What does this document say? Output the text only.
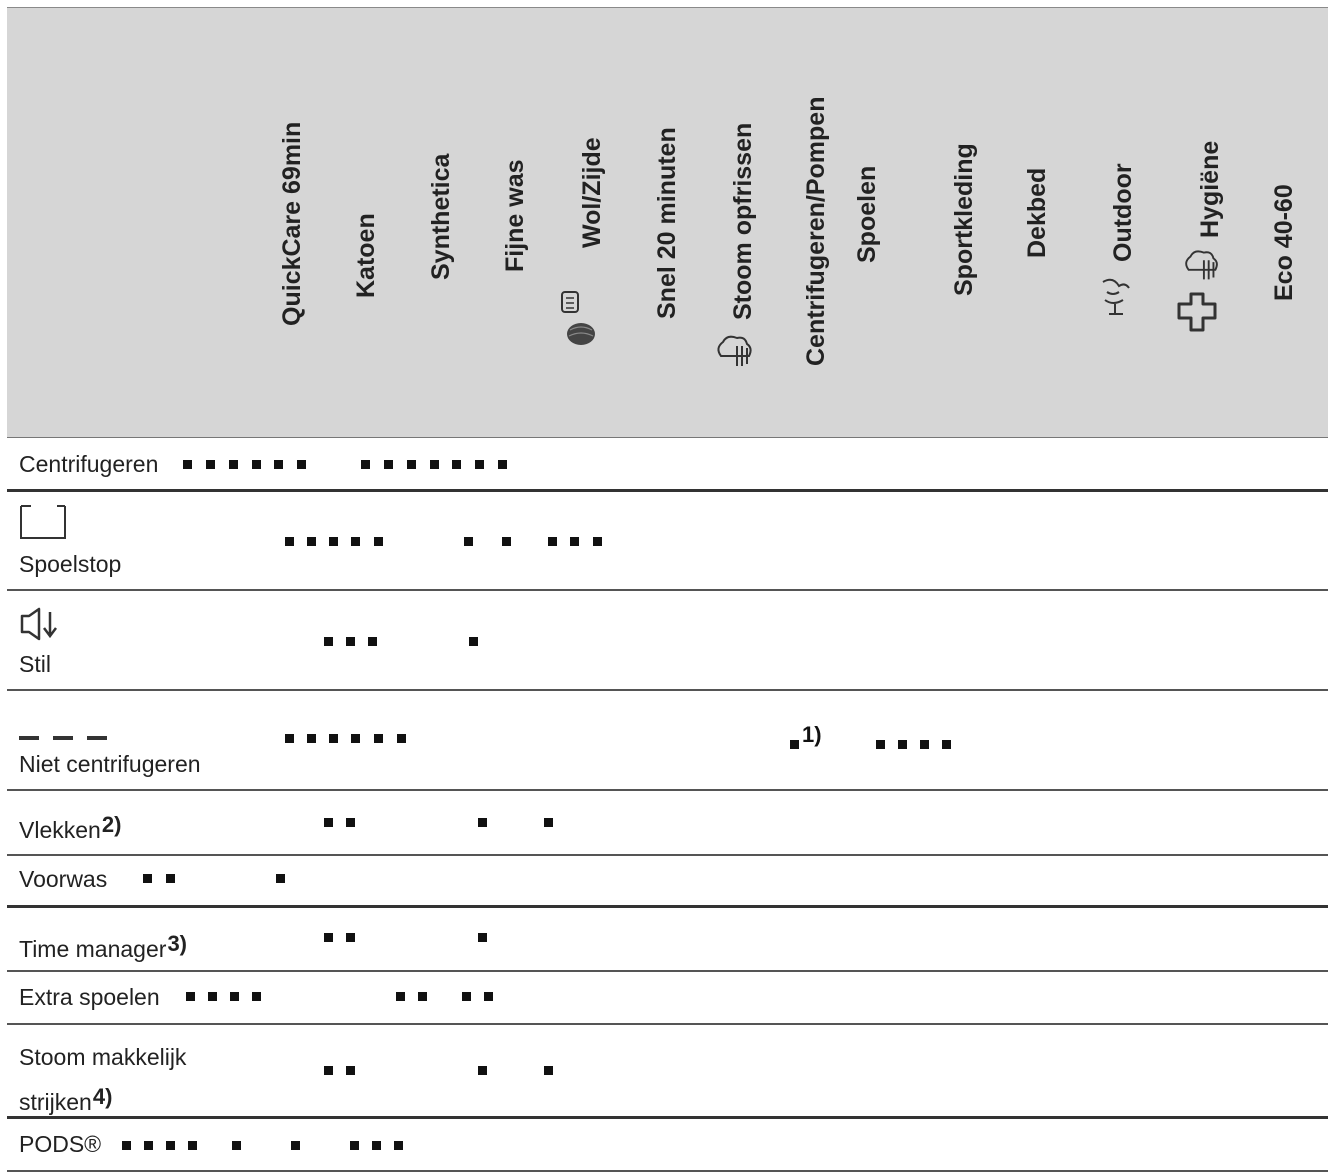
QuickCare 69min Katoen Synthetica Fijne was Wol/Zijde Snel 20 minuten Stoom opfrissen Centrifugeren/Pompen Spoelen	Sportkleding Dekbed Outdoor Hygiëne Eco 40-60
Centrifugeren
Spoelstop
Stil
Niet centrifugeren
Vlekken$^{2)}$
Voorwas
Time manager$^{3)}$
Extra spoelen
Stoom makkelijk strijken$^{4)}$
PODS®
1)
